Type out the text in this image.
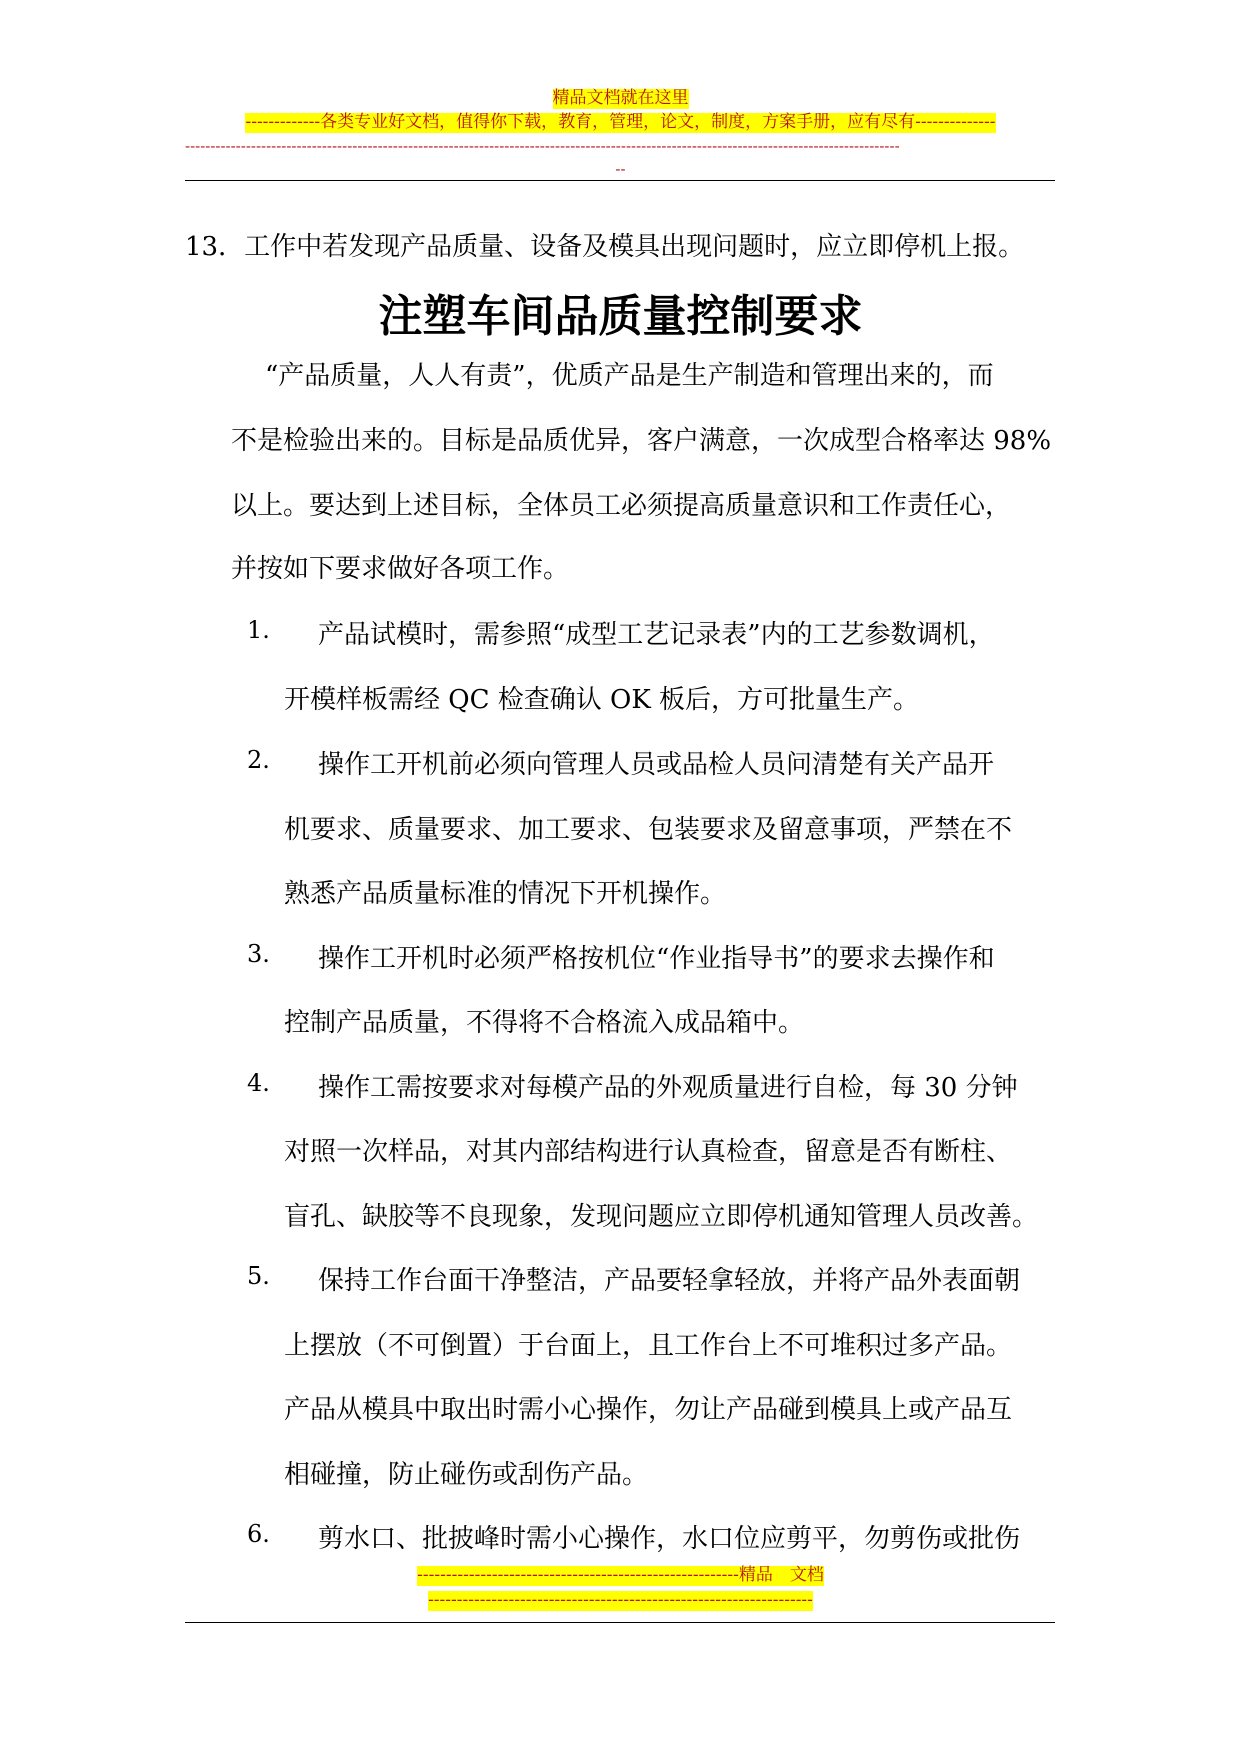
精品文档就在这里
-------------各类专业好文档，值得你下载，教育，管理，论文，制度，方案手册，应有尽有--------------
---------------------------------------------------------------------------------------------------------------------------------------------
--
13．工作中若发现产品质量、设备及模具出现问题时，应立即停机上报。
注塑车间品质量控制要求
“产品质量，人人有责”，优质产品是生产制造和管理出来的，而
不是检验出来的。目标是品质优异，客户满意，一次成型合格率达 98%
以上。要达到上述目标，全体员工必须提高质量意识和工作责任心，
并按如下要求做好各项工作。
1. 产品试模时，需参照“成型工艺记录表”内的工艺参数调机，
开模样板需经 QC 检查确认 OK 板后，方可批量生产。
2. 操作工开机前必须向管理人员或品检人员问清楚有关产品开
机要求、质量要求、加工要求、包装要求及留意事项，严禁在不
熟悉产品质量标准的情况下开机操作。
3. 操作工开机时必须严格按机位“作业指导书”的要求去操作和
控制产品质量，不得将不合格流入成品箱中。
4. 操作工需按要求对每模产品的外观质量进行自检，每 30 分钟
对照一次样品，对其内部结构进行认真检查，留意是否有断柱、
盲孔、缺胶等不良现象，发现问题应立即停机通知管理人员改善。
5. 保持工作台面干净整洁，产品要轻拿轻放，并将产品外表面朝
上摆放（不可倒置）于台面上，且工作台上不可堆积过多产品。
产品从模具中取出时需小心操作，勿让产品碰到模具上或产品互
相碰撞，防止碰伤或刮伤产品。
6. 剪水口、批披峰时需小心操作，水口位应剪平，勿剪伤或批伤
--------------------------------------------------------精品　文档
-------------------------------------------------------------------
